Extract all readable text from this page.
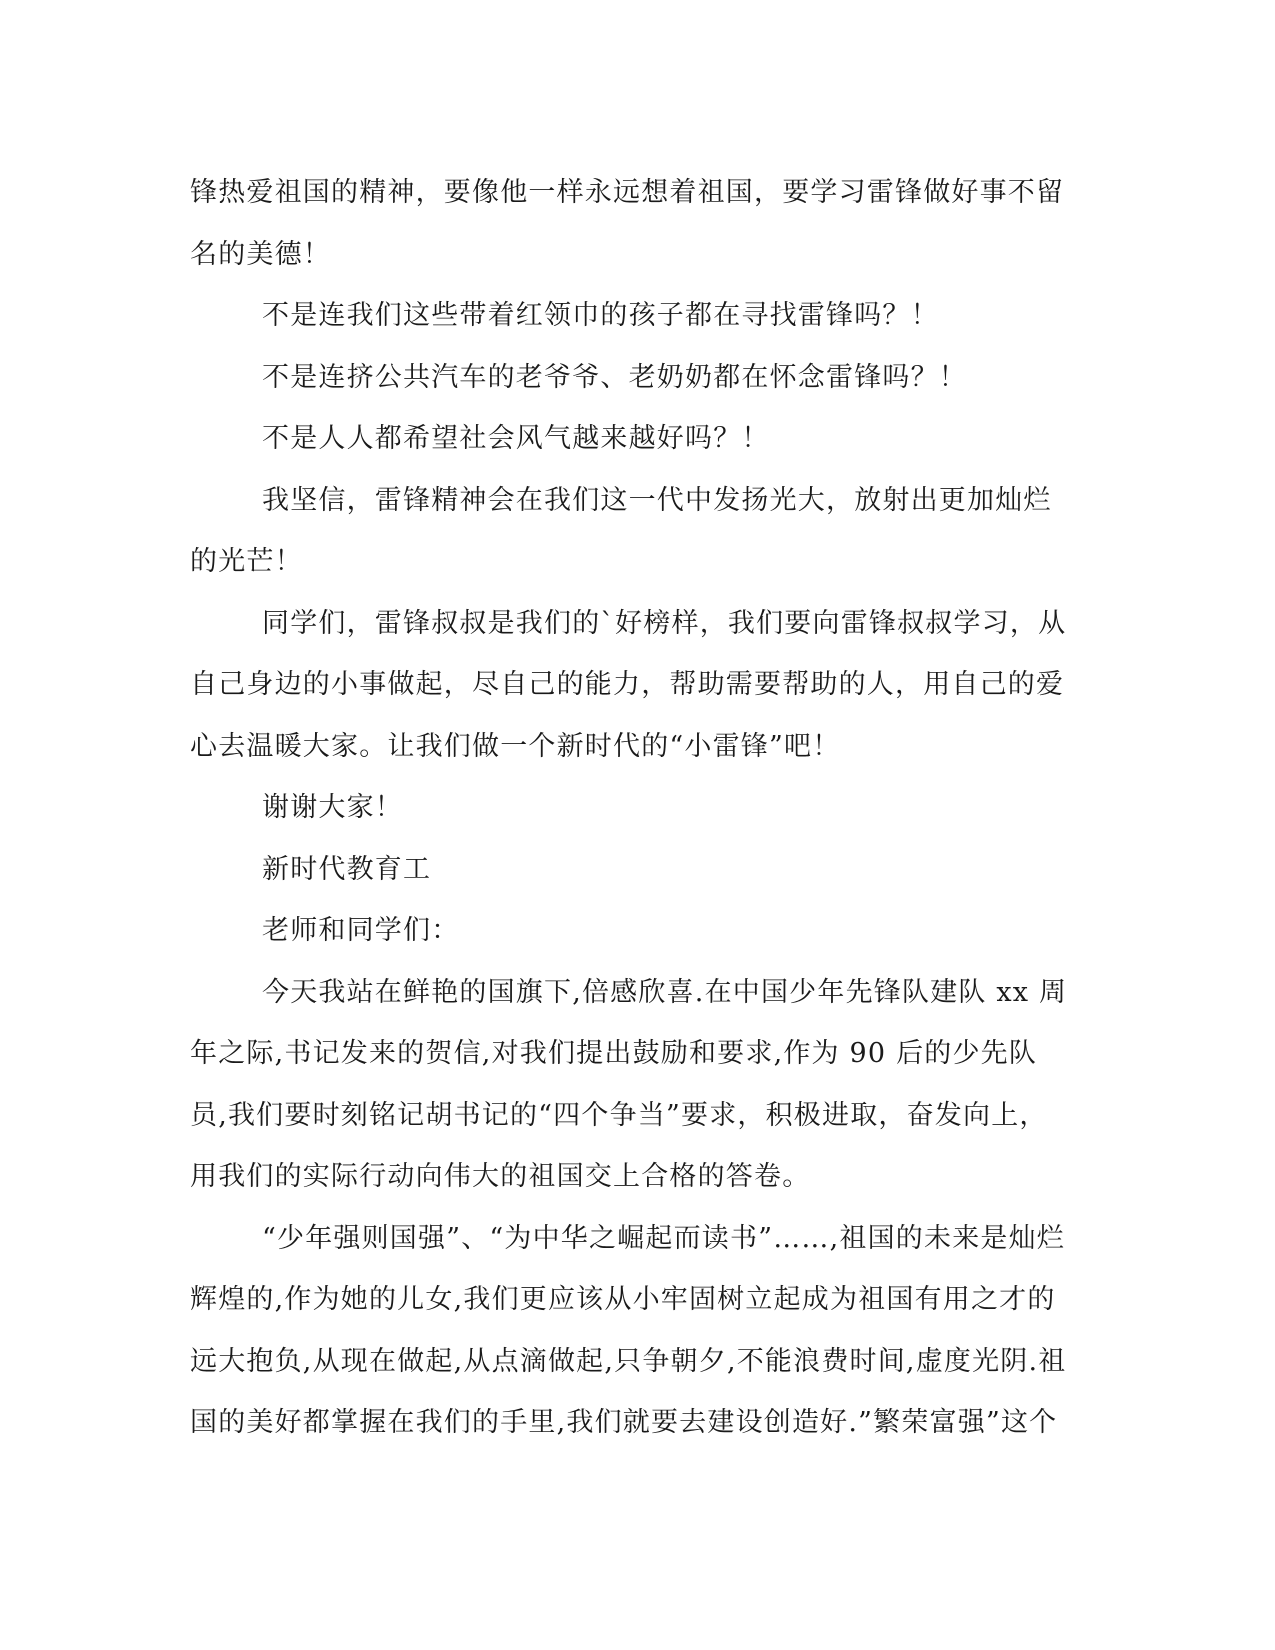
锋热爱祖国的精神，要像他一样永远想着祖国，要学习雷锋做好事不留名的美德！

不是连我们这些带着红领巾的孩子都在寻找雷锋吗？！

不是连挤公共汽车的老爷爷、老奶奶都在怀念雷锋吗？！

不是人人都希望社会风气越来越好吗？！

我坚信，雷锋精神会在我们这一代中发扬光大，放射出更加灿烂的光芒！

同学们，雷锋叔叔是我们的`好榜样，我们要向雷锋叔叔学习，从自己身边的小事做起，尽自己的能力，帮助需要帮助的人，用自己的爱心去温暖大家。让我们做一个新时代的“小雷锋”吧！

谢谢大家！

新时代教育工

老师和同学们：

今天我站在鲜艳的国旗下,倍感欣喜.在中国少年先锋队建队 xx 周年之际,书记发来的贺信,对我们提出鼓励和要求,作为 90 后的少先队员,我们要时刻铭记胡书记的“四个争当”要求，积极进取，奋发向上，用我们的实际行动向伟大的祖国交上合格的答卷。

“少年强则国强”、“为中华之崛起而读书”……,祖国的未来是灿烂辉煌的,作为她的儿女,我们更应该从小牢固树立起成为祖国有用之才的远大抱负,从现在做起,从点滴做起,只争朝夕,不能浪费时间,虚度光阴.祖国的美好都掌握在我们的手里,我们就要去建设创造好.”繁荣富强”这个
